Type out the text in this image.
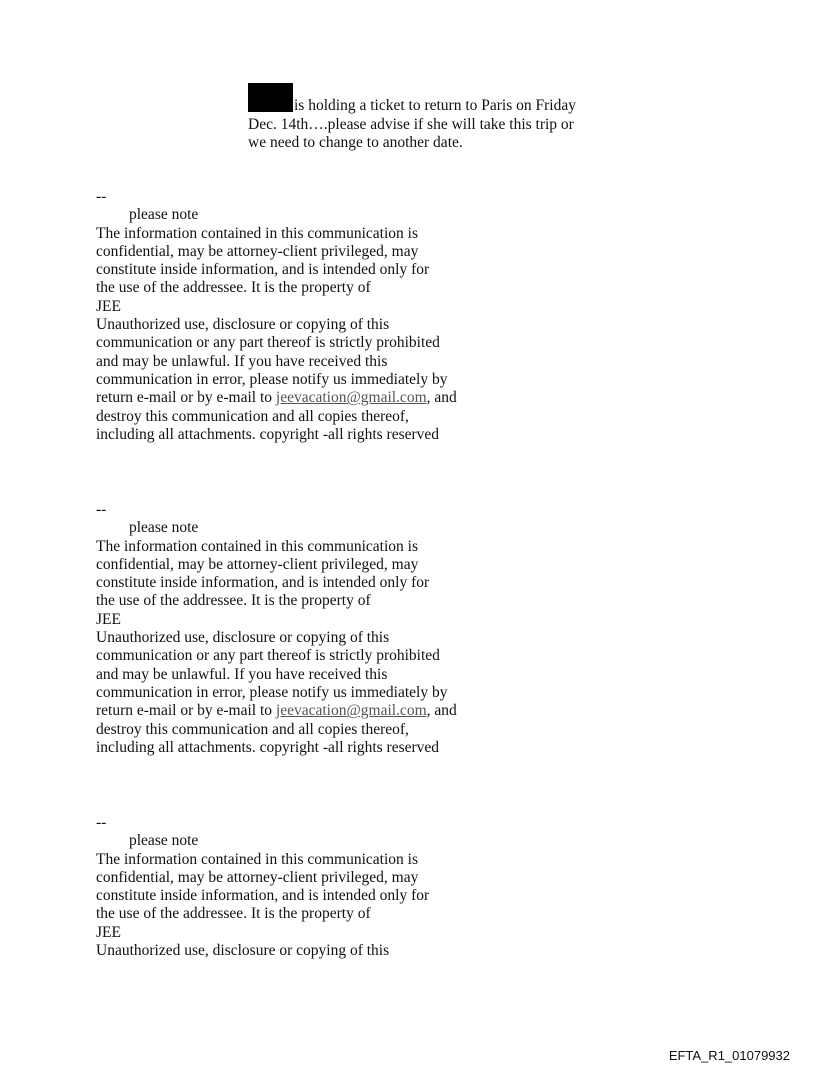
is holding a ticket to return to Paris on Friday
Dec. 14th….please advise if she will take this trip or
we need to change to another date.
--
please note
The information contained in this communication is
confidential, may be attorney-client privileged, may
constitute inside information, and is intended only for
the use of the addressee. It is the property of
JEE
Unauthorized use, disclosure or copying of this
communication or any part thereof is strictly prohibited
and may be unlawful. If you have received this
communication in error, please notify us immediately by
return e-mail or by e-mail to jeevacation@gmail.com, and
destroy this communication and all copies thereof,
including all attachments. copyright -all rights reserved
--
please note
The information contained in this communication is
confidential, may be attorney-client privileged, may
constitute inside information, and is intended only for
the use of the addressee. It is the property of
JEE
Unauthorized use, disclosure or copying of this
communication or any part thereof is strictly prohibited
and may be unlawful. If you have received this
communication in error, please notify us immediately by
return e-mail or by e-mail to jeevacation@gmail.com, and
destroy this communication and all copies thereof,
including all attachments. copyright -all rights reserved
--
please note
The information contained in this communication is
confidential, may be attorney-client privileged, may
constitute inside information, and is intended only for
the use of the addressee. It is the property of
JEE
Unauthorized use, disclosure or copying of this
EFTA_R1_01079932
